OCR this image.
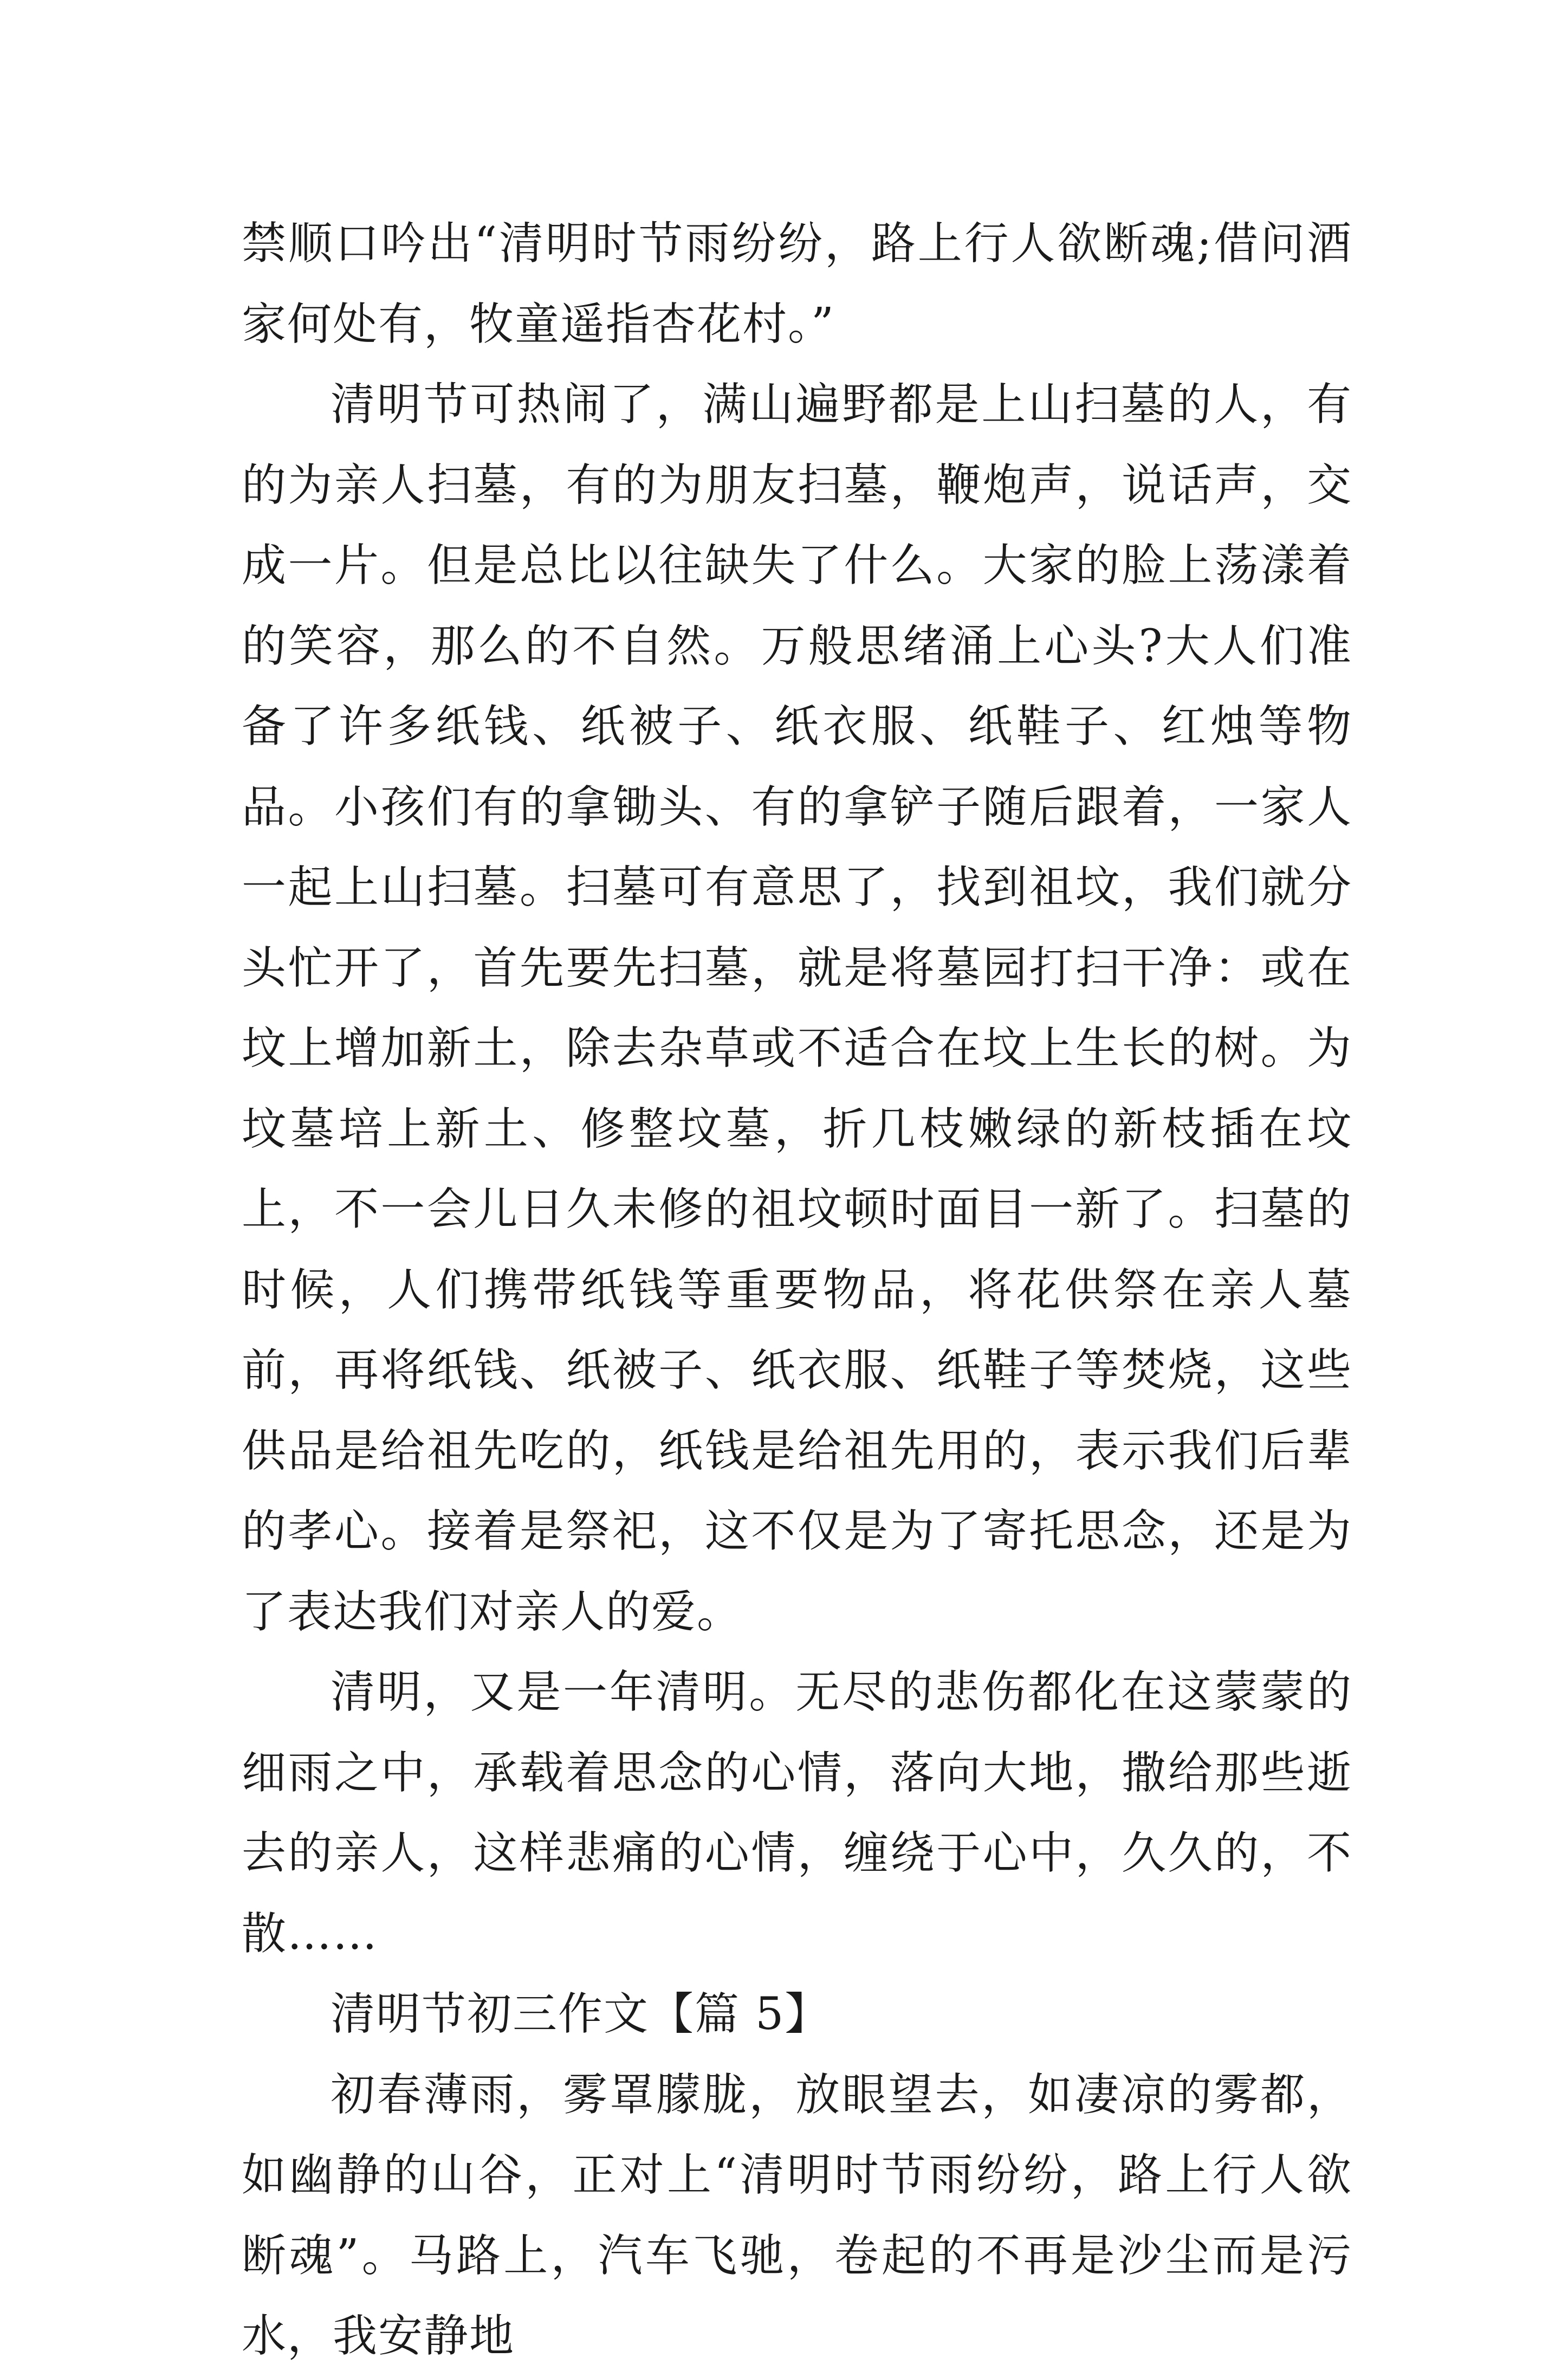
禁顺口吟出“清明时节雨纷纷，路上行人欲断魂;借问酒家何处有，牧童遥指杏花村。”

清明节可热闹了，满山遍野都是上山扫墓的人，有的为亲人扫墓，有的为朋友扫墓，鞭炮声，说话声，交成一片。但是总比以往缺失了什么。大家的脸上荡漾着的笑容，那么的不自然。万般思绪涌上心头?大人们准备了许多纸钱、纸被子、纸衣服、纸鞋子、红烛等物品。小孩们有的拿锄头、有的拿铲子随后跟着，一家人一起上山扫墓。扫墓可有意思了，找到祖坟，我们就分头忙开了，首先要先扫墓，就是将墓园打扫干净：或在坟上增加新土，除去杂草或不适合在坟上生长的树。为坟墓培上新土、修整坟墓，折几枝嫩绿的新枝插在坟上，不一会儿日久未修的祖坟顿时面目一新了。扫墓的时候，人们携带纸钱等重要物品，将花供祭在亲人墓前，再将纸钱、纸被子、纸衣服、纸鞋子等焚烧，这些供品是给祖先吃的，纸钱是给祖先用的，表示我们后辈的孝心。接着是祭祀，这不仅是为了寄托思念，还是为了表达我们对亲人的爱。

清明，又是一年清明。无尽的悲伤都化在这蒙蒙的细雨之中，承载着思念的心情，落向大地，撒给那些逝去的亲人，这样悲痛的心情，缠绕于心中，久久的，不散……

清明节初三作文【篇 5】

初春薄雨，雾罩朦胧，放眼望去，如凄凉的雾都，如幽静的山谷，正对上“清明时节雨纷纷，路上行人欲断魂”。马路上，汽车飞驰，卷起的不再是沙尘而是污水，我安静地
